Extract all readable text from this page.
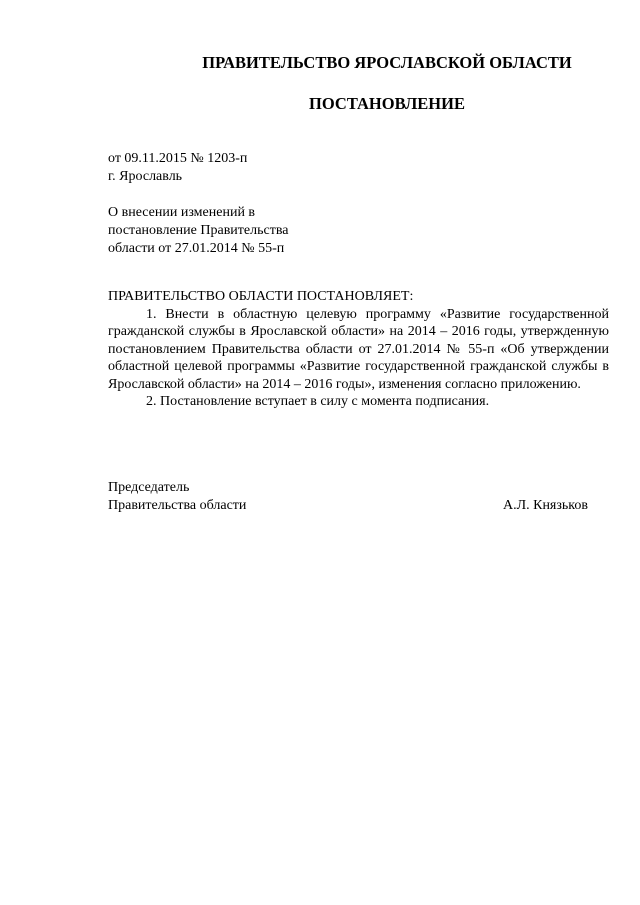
ПРАВИТЕЛЬСТВО ЯРОСЛАВСКОЙ ОБЛАСТИ
ПОСТАНОВЛЕНИЕ
от 09.11.2015 № 1203-п
г. Ярославль
О внесении изменений в
постановление Правительства
области от 27.01.2014 № 55-п

ПРАВИТЕЛЬСТВО ОБЛАСТИ ПОСТАНОВЛЯЕТ:

1. Внести в областную целевую программу «Развитие государственной гражданской службы в Ярославской области» на 2014 – 2016 годы, утвержденную постановлением Правительства области от 27.01.2014 № 55-п «Об утверждении областной целевой программы «Развитие государственной гражданской службы в Ярославской области» на 2014 – 2016 годы», изменения согласно приложению.

2. Постановление вступает в силу с момента подписания.

Председатель
Правительства области	А.Л. Князьков
